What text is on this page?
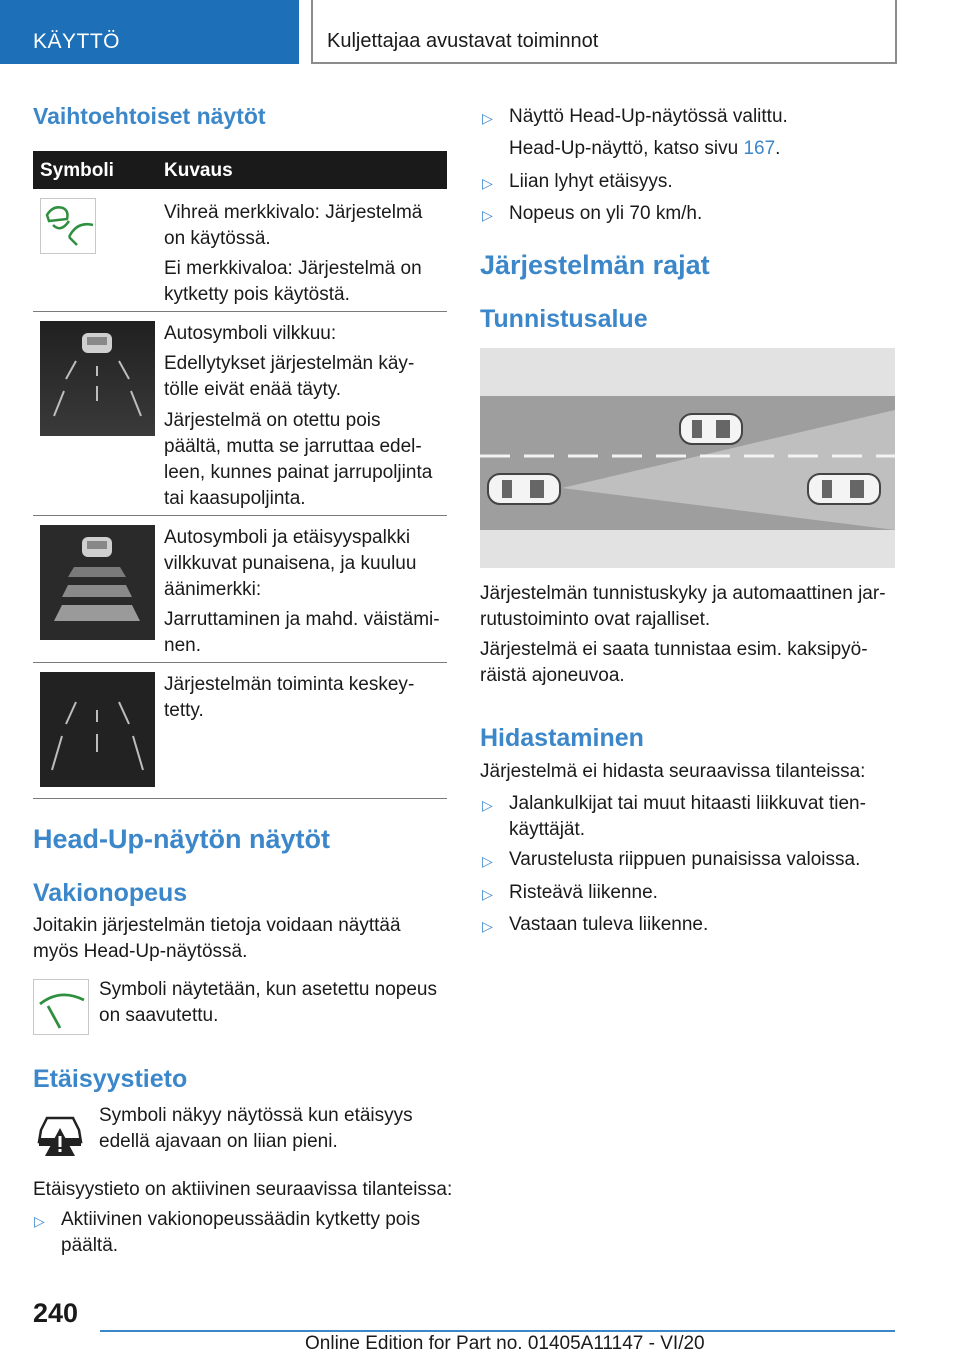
KÄYTTÖ	Kuljettajaa avustavat toiminnot
Vaihtoehtoiset näytöt
Symboli	Kuvaus

Vihreä merkkivalo: Järjestelmä on käytössä.

Ei merkkivaloa: Järjestelmä on kytketty pois käytöstä.

Autosymboli vilkkuu:

Edellytykset järjestelmän käytölle eivät enää täyty.

Järjestelmä on otettu pois päältä, mutta se jarruttaa edelleen, kunnes painat jarrupoljinta tai kaasupoljinta.

Autosymboli ja etäisyyspalkki vilkkuvat punaisena, ja kuuluu äänimerkki:

Jarruttaminen ja mahd. väistäminen.

Järjestelmän toiminta keskeytetty.

Head-Up-näytön näytöt
Vakionopeus

Joitakin järjestelmän tietoja voidaan näyttää myös Head-Up-näytössä.

Symboli näytetään, kun asetettu nopeus on saavutettu.

Etäisyystieto

Symboli näkyy näytössä kun etäisyys edellä ajavaan on liian pieni.

Etäisyystieto on aktiivinen seuraavissa tilanteissa:

▷ Aktiivinen vakionopeussäädin kytketty pois päältä.

▷ Näyttö Head-Up-näytössä valittu.

Head-Up-näyttö, katso sivu 167.

▷ Liian lyhyt etäisyys.

▷ Nopeus on yli 70 km/h.

Järjestelmän rajat
Tunnistusalue

Järjestelmän tunnistuskyky ja automaattinen jarrutustoiminto ovat rajalliset.

Järjestelmä ei saata tunnistaa esim. kaksipyöräistä ajoneuvoa.

Hidastaminen

Järjestelmä ei hidasta seuraavissa tilanteissa:

▷ Jalankulkijat tai muut hitaasti liikkuvat tienkäyttäjät.

▷ Varustelusta riippuen punaisissa valoissa.

▷ Risteävä liikenne.

▷ Vastaan tuleva liikenne.

240
Online Edition for Part no. 01405A11147 - VI/20
